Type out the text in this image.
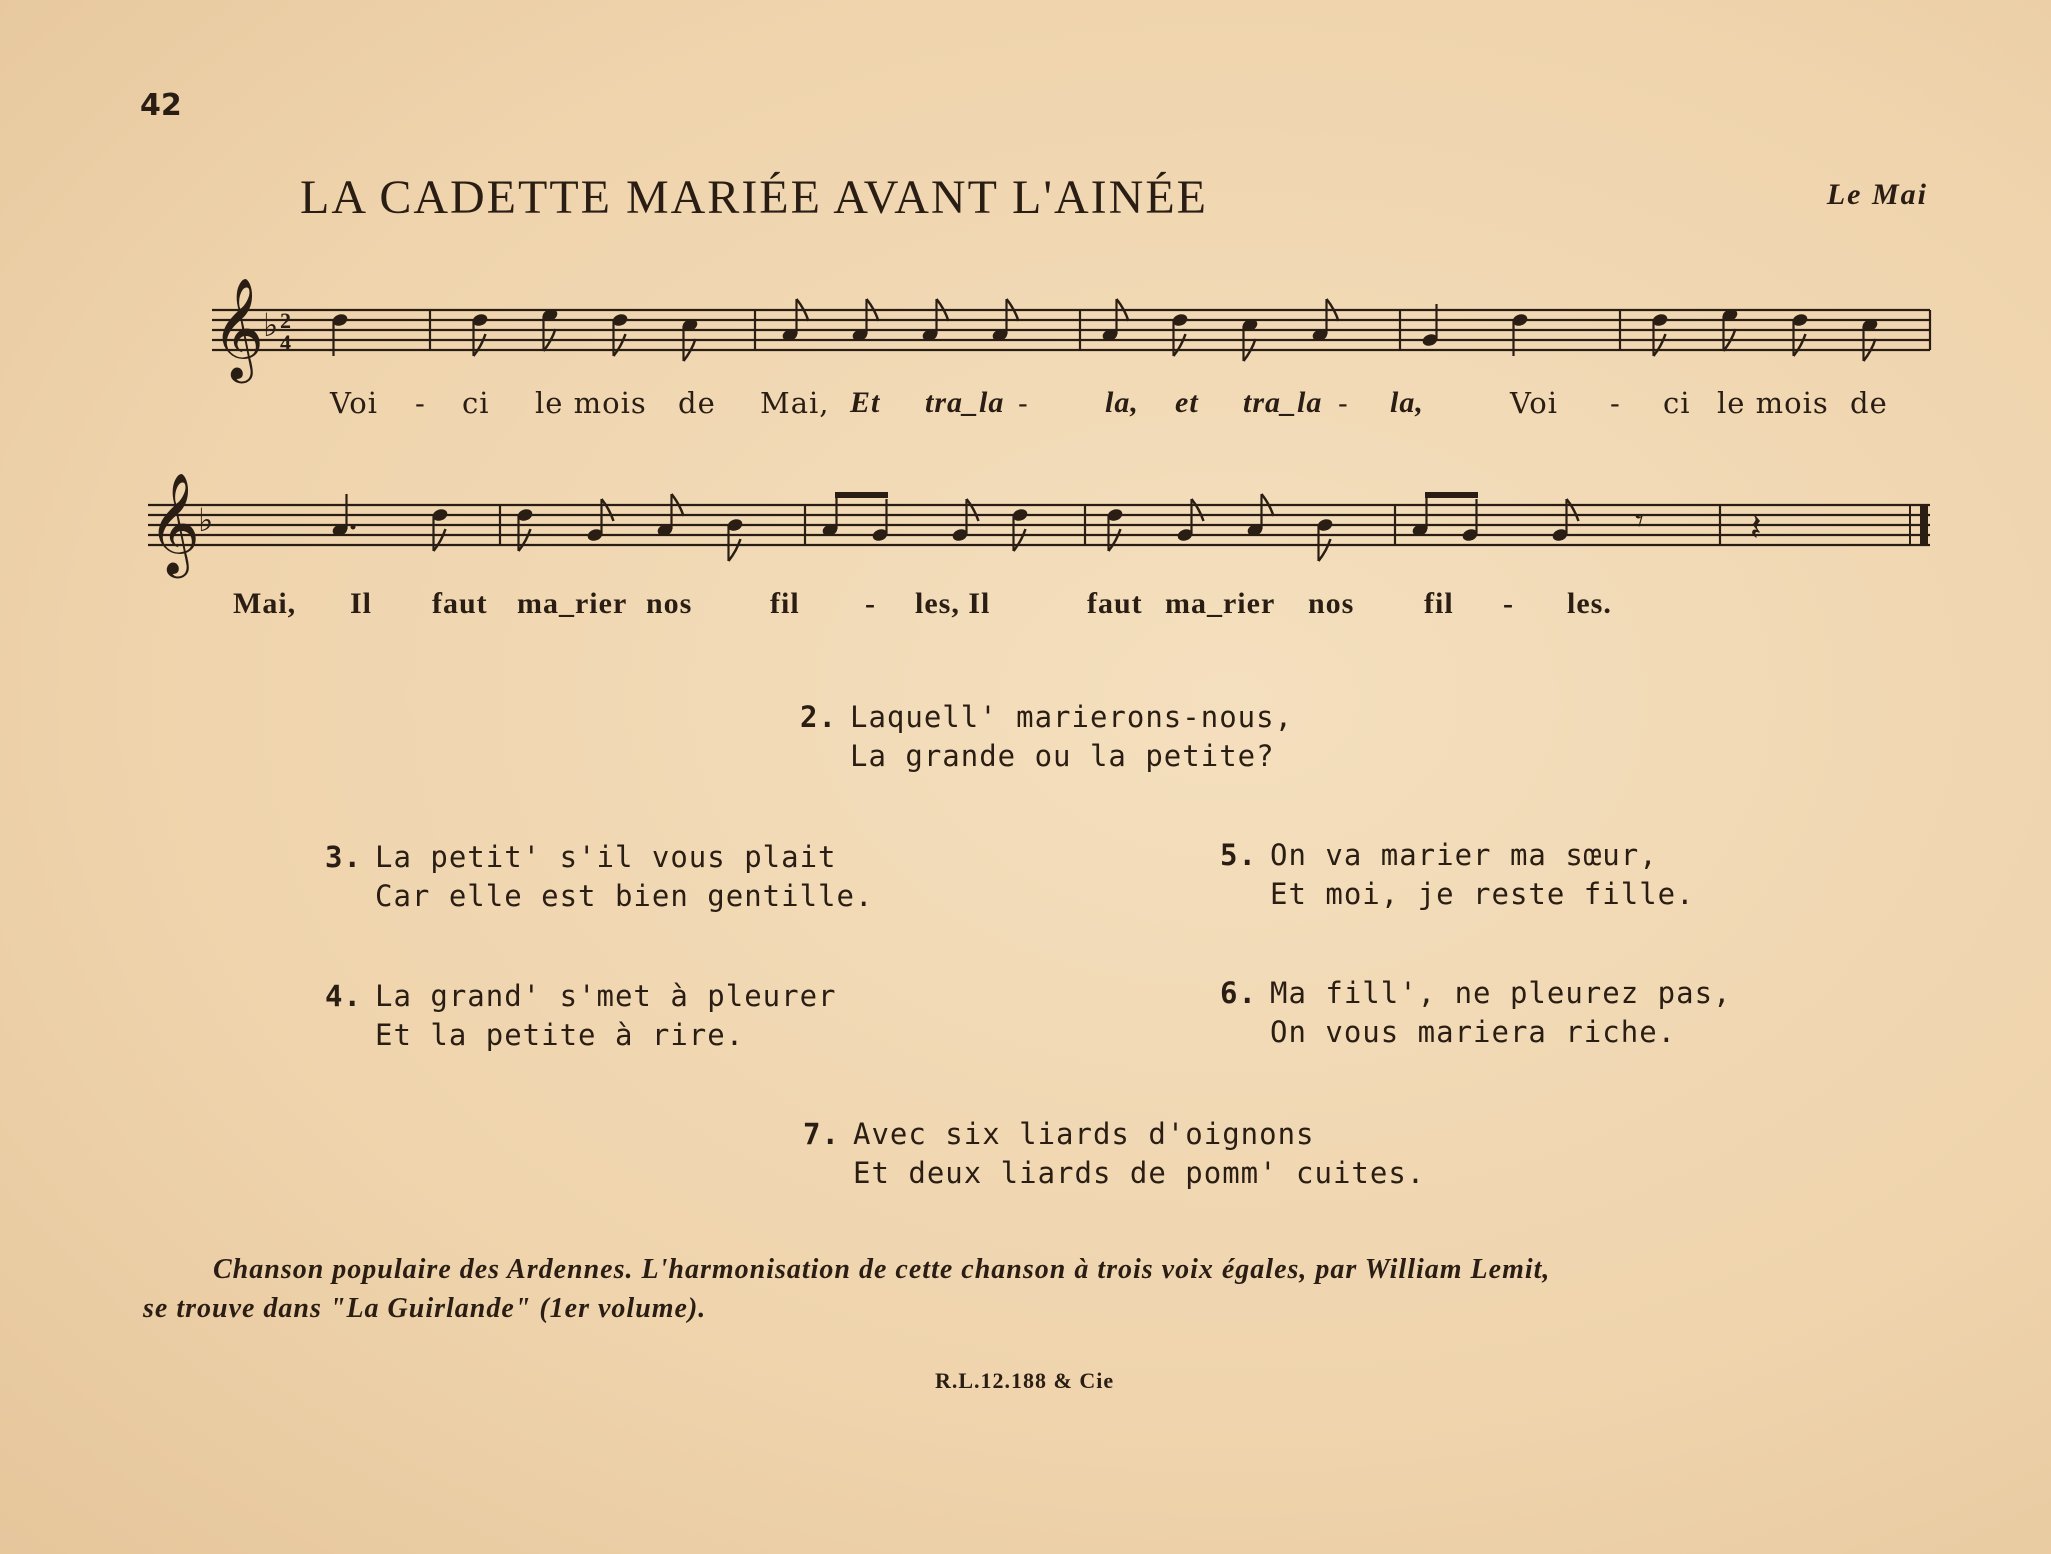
42
LA CADETTE MARIÉE AVANT L'AINÉE	Le Mai
𝄞
♭ 2
4
Voi - ci le mois de Mai, Et tra_la -	la, et tra_la - la,	Voi - ci le mois de
𝄞
♭	𝄾	𝄽
Mai, Il faut ma_rier nos	fil - les, Il	faut ma_rier nos fil - les.
2. Laquell' marierons-nous,
La grande ou la petite?
3. La petit' s'il vous plait
Car elle est bien gentille.
4. La grand' s'met à pleurer
Et la petite à rire.
5. On va marier ma sœur,
Et moi, je reste fille.
6. Ma fill', ne pleurez pas,
On vous mariera riche.
7. Avec six liards d'oignons
Et deux liards de pomm' cuites.
Chanson populaire des Ardennes. L'harmonisation de cette chanson à trois voix égales, par William Lemit,
se trouve dans "La Guirlande" (1er volume).
R.L.12.188 & Cie
